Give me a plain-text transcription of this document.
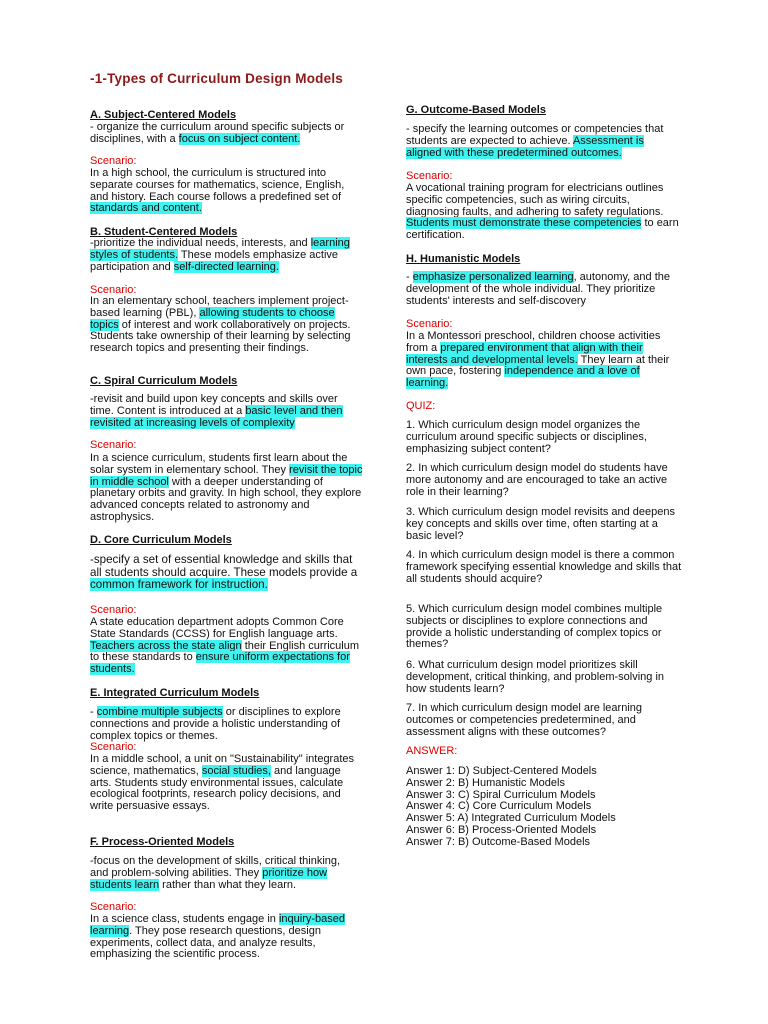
-1-Types of Curriculum Design Models
A. Subject-Centered Models
- organize the curriculum around specific subjects or disciplines, with a focus on subject content.
Scenario:
In a high school, the curriculum is structured into separate courses for mathematics, science, English, and history. Each course follows a predefined set of standards and content.
B. Student-Centered Models
-prioritize the individual needs, interests, and learning styles of students. These models emphasize active participation and self-directed learning.
Scenario:
In an elementary school, teachers implement project-based learning (PBL), allowing students to choose topics of interest and work collaboratively on projects. Students take ownership of their learning by selecting research topics and presenting their findings.
C. Spiral Curriculum Models
-revisit and build upon key concepts and skills over time. Content is introduced at a basic level and then revisited at increasing levels of complexity
Scenario:
In a science curriculum, students first learn about the solar system in elementary school. They revisit the topic in middle school with a deeper understanding of planetary orbits and gravity. In high school, they explore advanced concepts related to astronomy and astrophysics.
D. Core Curriculum Models
-specify a set of essential knowledge and skills that all students should acquire. These models provide a common framework for instruction.
Scenario:
A state education department adopts Common Core State Standards (CCSS) for English language arts. Teachers across the state align their English curriculum to these standards to ensure uniform expectations for students.
E. Integrated Curriculum Models
- combine multiple subjects or disciplines to explore connections and provide a holistic understanding of complex topics or themes.
Scenario:
In a middle school, a unit on "Sustainability" integrates science, mathematics, social studies, and language arts. Students study environmental issues, calculate ecological footprints, research policy decisions, and write persuasive essays.
F. Process-Oriented Models
-focus on the development of skills, critical thinking, and problem-solving abilities. They prioritize how students learn rather than what they learn.
Scenario:
In a science class, students engage in inquiry-based learning. They pose research questions, design experiments, collect data, and analyze results, emphasizing the scientific process.
G. Outcome-Based Models
- specify the learning outcomes or competencies that students are expected to achieve. Assessment is aligned with these predetermined outcomes.
Scenario:
A vocational training program for electricians outlines specific competencies, such as wiring circuits, diagnosing faults, and adhering to safety regulations. Students must demonstrate these competencies to earn certification.
H. Humanistic Models
- emphasize personalized learning, autonomy, and the development of the whole individual. They prioritize students' interests and self-discovery
Scenario:
In a Montessori preschool, children choose activities from a prepared environment that align with their interests and developmental levels. They learn at their own pace, fostering independence and a love of learning.
QUIZ:
1. Which curriculum design model organizes the curriculum around specific subjects or disciplines, emphasizing subject content?
2. In which curriculum design model do students have more autonomy and are encouraged to take an active role in their learning?
3. Which curriculum design model revisits and deepens key concepts and skills over time, often starting at a basic level?
4. In which curriculum design model is there a common framework specifying essential knowledge and skills that all students should acquire?
5. Which curriculum design model combines multiple subjects or disciplines to explore connections and provide a holistic understanding of complex topics or themes?
6. What curriculum design model prioritizes skill development, critical thinking, and problem-solving in how students learn?
7. In which curriculum design model are learning outcomes or competencies predetermined, and assessment aligns with these outcomes?
ANSWER:
Answer 1: D) Subject-Centered Models
Answer 2: B) Humanistic Models
Answer 3: C) Spiral Curriculum Models
Answer 4: C) Core Curriculum Models
Answer 5: A) Integrated Curriculum Models
Answer 6: B) Process-Oriented Models
Answer 7: B) Outcome-Based Models
